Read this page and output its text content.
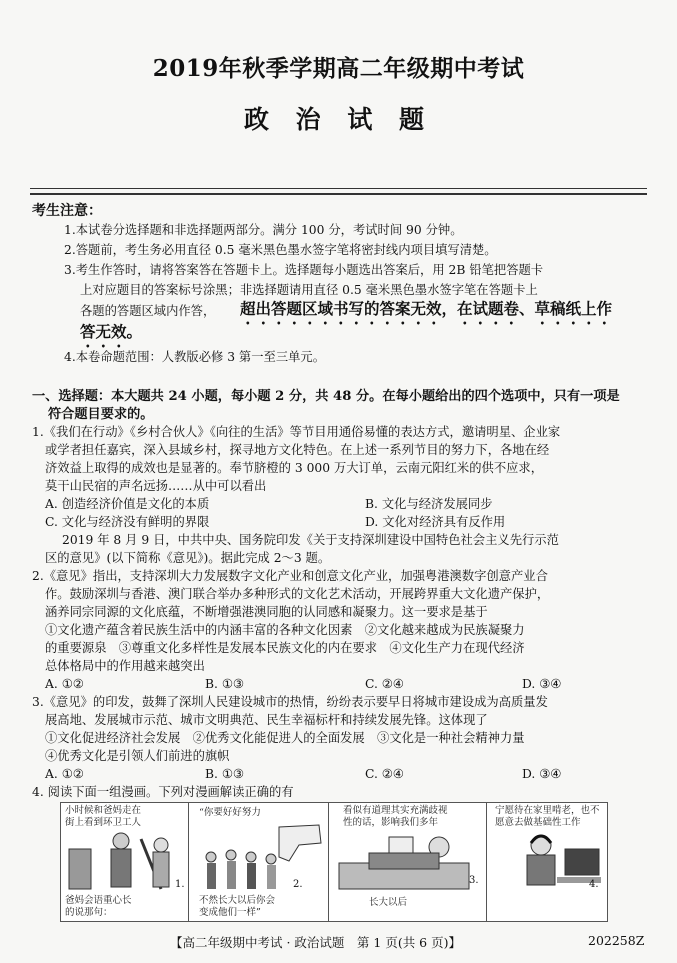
2019年秋季学期高二年级期中考试
政 治 试 题
考生注意：
1.本试卷分选择题和非选择题两部分。满分 100 分，考试时间 90 分钟。
2.答题前，考生务必用直径 0.5 毫米黑色墨水签字笔将密封线内项目填写清楚。
3.考生作答时，请将答案答在答题卡上。选择题每小题选出答案后，用 2B 铅笔把答题卡
上对应题目的答案标号涂黑；非选择题请用直径 0.5 毫米黑色墨水签字笔在答题卡上
各题的答题区域内作答， 超出答题区域书写的答案无效，在试题卷、草稿纸上作
答无效。
4.本卷命题范围：人教版必修 3 第一至三单元。
一、选择题：本大题共 24 小题，每小题 2 分，共 48 分。在每小题给出的四个选项中，只有一项是
符合题目要求的。
1.《我们在行动》《乡村合伙人》《向往的生活》等节目用通俗易懂的表达方式，邀请明星、企业家
或学者担任嘉宾，深入县域乡村，探寻地方文化特色。在上述一系列节目的努力下，各地在经
济效益上取得的成效也是显著的。奉节脐橙的 3 000 万大订单，云南元阳红米的供不应求，
莫干山民宿的声名远扬……从中可以看出
A. 创造经济价值是文化的本质	B. 文化与经济发展同步
C. 文化与经济没有鲜明的界限	D. 文化对经济具有反作用
2019 年 8 月 9 日，中共中央、国务院印发《关于支持深圳建设中国特色社会主义先行示范
区的意见》(以下简称《意见》)。据此完成 2～3 题。
2.《意见》指出，支持深圳大力发展数字文化产业和创意文化产业，加强粤港澳数字创意产业合
作。鼓励深圳与香港、澳门联合举办多种形式的文化艺术活动，开展跨界重大文化遗产保护，
涵养同宗同源的文化底蕴，不断增强港澳同胞的认同感和凝聚力。这一要求是基于
①文化遗产蕴含着民族生活中的内涵丰富的各种文化因素　②文化越来越成为民族凝聚力
的重要源泉　③尊重文化多样性是发展本民族文化的内在要求　④文化生产力在现代经济
总体格局中的作用越来越突出
A. ①②	B. ①③	C. ②④	D. ③④
3.《意见》的印发，鼓舞了深圳人民建设城市的热情，纷纷表示要早日将城市建设成为高质量发
展高地、发展城市示范、城市文明典范、民生幸福标杆和持续发展先锋。这体现了
①文化促进经济社会发展　②优秀文化能促进人的全面发展　③文化是一种社会精神力量
④优秀文化是引领人们前进的旗帜
A. ①②	B. ①③	C. ②④	D. ③④
4. 阅读下面一组漫画。下列对漫画解读正确的有
小时候和爸妈走在
街上看到环卫工人
爸妈会语重心长
的说那句：
1.
“你要好好努力
不然长大以后你会
变成他们一样”
2.
看似有道理其实充满歧视
性的话，影响我们多年
长大以后
3.
宁愿待在家里啃老，也不
愿意去做基础性工作
4.
【高二年级期中考试 · 政治试题　第 1 页(共 6 页)】	202258Z
